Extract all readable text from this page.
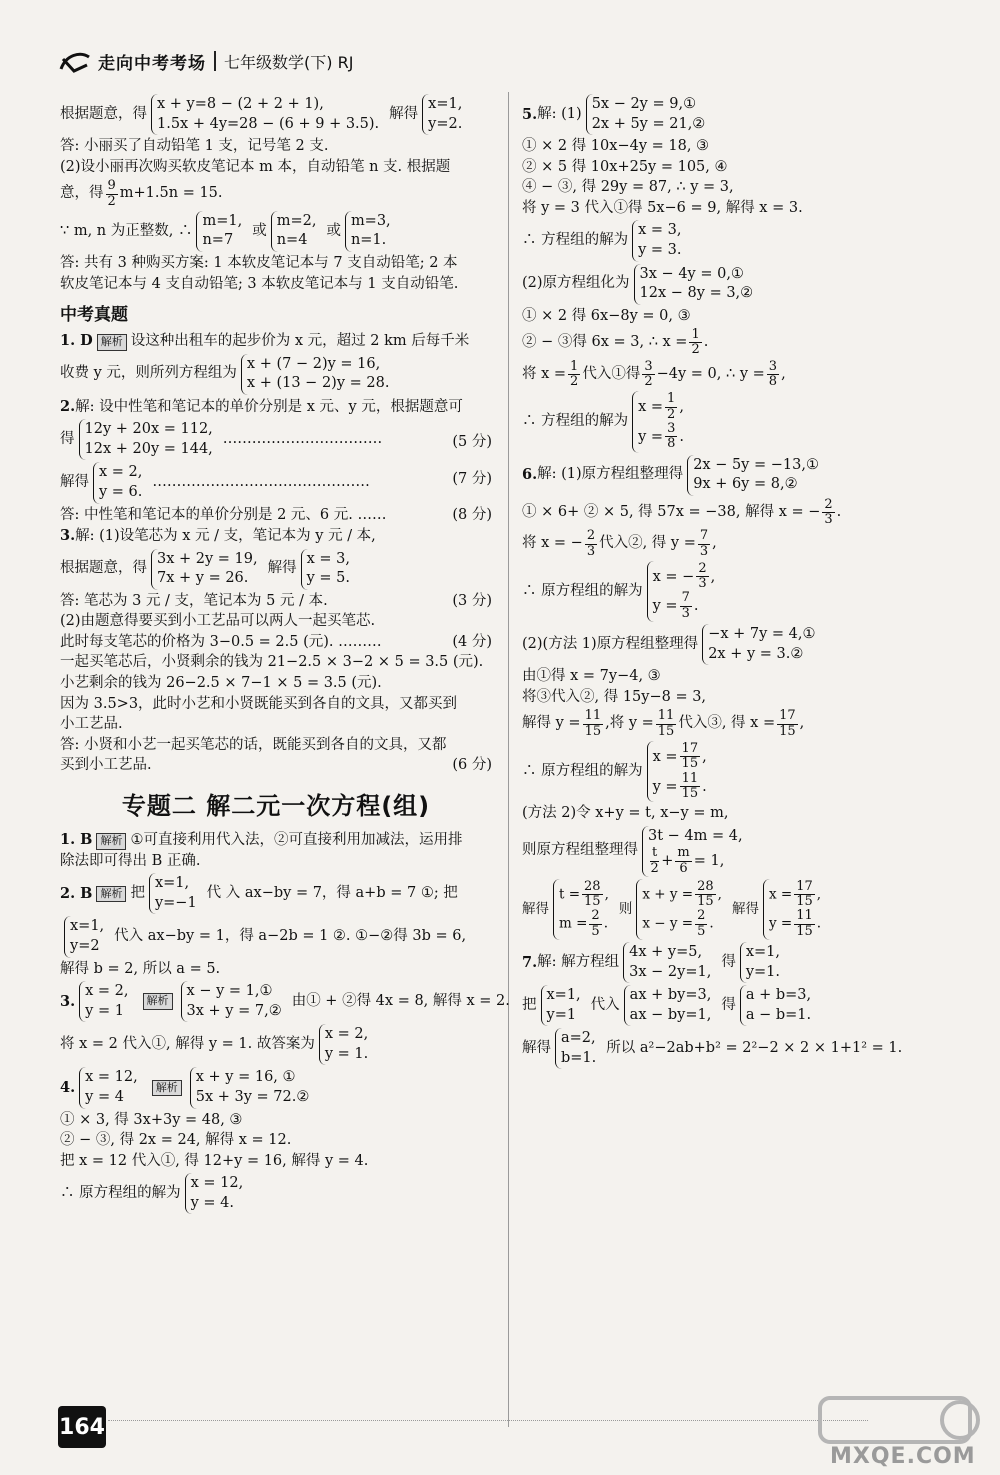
走向中考考场 七年级数学(下) RJ
根据题意，得
x + y=8 − (2 + 2 + 1),
1.5x + 4y=28 − (6 + 9 + 3.5).
解得
x=1,
y=2.
答: 小丽买了自动铅笔 1 支，记号笔 2 支.
(2)设小丽再次购买软皮笔记本 m 本，自动铅笔 n 支. 根据题
意，得 $\frac{9}{2} m+1.5n = 15$.
∵ m, n 为正整数, ∴
m=1,
n=7
或
m=2,
n=4
或
m=3,
n=1.
答: 共有 3 种购买方案: 1 本软皮笔记本与 7 支自动铅笔; 2 本
软皮笔记本与 4 支自动铅笔; 3 本软皮笔记本与 1 支自动铅笔.
中考真题
1. D 解析 设这种出租车的起步价为 x 元，超过 2 km 后每千米
收费 y 元，则所列方程组为
x + (7 − 2)y = 16,
x + (13 − 2)y = 28.
2.解: 设中性笔和笔记本的单价分别是 x 元、y 元，根据题意可
得
12y + 20x = 112,
12x + 20y = 144,
……………………………	(5 分)
解得
x = 2,
y = 6.
………………………………………	(7 分)
答: 中性笔和笔记本的单价分别是 2 元、6 元. ……	(8 分)
3.解: (1)设笔芯为 x 元 / 支，笔记本为 y 元 / 本,
根据题意，得
3x + 2y = 19,
7x + y = 26.
解得
x = 3,
y = 5.
答: 笔芯为 3 元 / 支，笔记本为 5 元 / 本.	(3 分)
(2)由题意得要买到小工艺品可以两人一起买笔芯.
此时每支笔芯的价格为 3−0.5 = 2.5 (元). ………	(4 分)
一起买笔芯后，小贤剩余的钱为 21−2.5 × 3−2 × 5 = 3.5 (元).
小艺剩余的钱为 26−2.5 × 7−1 × 5 = 3.5 (元).
因为 3.5>3，此时小艺和小贤既能买到各自的文具，又都买到
小工艺品.
答: 小贤和小艺一起买笔芯的话，既能买到各自的文具，又都
买到小工艺品.	(6 分)
专题二 解二元一次方程(组)
1. B 解析 ①可直接利用代入法，②可直接利用加减法，运用排
除法即可得出 B 正确.
2. B 解析 把
x=1,
y=−1
代 入 ax−by = 7，得 a+b = 7 ①; 把
x=1,
y=2
代入 ax−by = 1，得 a−2b = 1 ②. ①−②得 3b = 6,
解得 b = 2, 所以 a = 5.
3.
x = 2,
y = 1
解析
x − y = 1,①
3x + y = 7,②
由① + ②得 4x = 8, 解得 x = 2.
将 x = 2 代入①, 解得 y = 1. 故答案为
x = 2,
y = 1.
4.
x = 12,
y = 4
解析
x + y = 16, ①
5x + 3y = 72.②
① × 3, 得 3x+3y = 48, ③
② − ③, 得 2x = 24, 解得 x = 12.
把 x = 12 代入①, 得 12+y = 16, 解得 y = 4.
∴ 原方程组的解为
x = 12,
y = 4.
5. 解: (1)
5x − 2y = 9,①
2x + 5y = 21,②
① × 2 得 10x−4y = 18, ③
② × 5 得 10x+25y = 105, ④
④ − ③, 得 29y = 87, ∴ y = 3,
将 y = 3 代入①得 5x−6 = 9, 解得 x = 3.
∴ 方程组的解为
x = 3,
y = 3.
(2)原方程组化为
3x − 4y = 0,①
12x − 8y = 3,②
① × 2 得 6x−8y = 0, ③
② − ③得 6x = 3, ∴ $x = \frac{1}{2}$ .
将 $x = \frac{1}{2}$ 代入①得 $\frac{3}{2} -4y = 0$, ∴ $y = \frac{3}{8}$ ,
∴ 方程组的解为
$x = \frac{1}{2}$ ,
$y = \frac{3}{8}$ .
6. 解: (1)原方程组整理得
2x − 5y = −13,①
9x + 6y = 8,②
① × 6+ ② × 5, 得 57x = −38, 解得 x = − $\frac{2}{3}$ .
将 x = − $\frac{2}{3}$ 代入②, 得 $y = \frac{7}{3}$ ,
∴ 原方程组的解为
x = − $\frac{2}{3}$ ,
$y = \frac{7}{3}$ .
(2)(方法 1)原方程组整理得
−x + 7y = 4,①
2x + y = 3.②
由①得 x = 7y−4, ③
将③代入②, 得 15y−8 = 3,
解得 $y = \frac{11}{15}$ , 将 $y = \frac{11}{15}$ 代入③, 得 $x = \frac{17}{15}$ ,
∴ 原方程组的解为
$x = \frac{17}{15}$ ,
$y = \frac{11}{15}$ .
(方法 2)令 x+y = t, x−y = m,
则原方程组整理得
3t − 4m = 4,
$\frac{t}{2} + \frac{m}{6} = 1$,
解得
$t = \frac{28}{15}$ ,
$m = \frac{2}{5}$ .
则
$x + y = \frac{28}{15}$ ,
$x - y = \frac{2}{5}$ .
解得
$x = \frac{17}{15}$ ,
$y = \frac{11}{15}$ .
7. 解: 解方程组
4x + y=5,
3x − 2y=1,
得
x=1,
y=1.
把
x=1,
y=1
代入
ax + by=3,
ax − by=1,
得
a + b=3,
a − b=1.
解得
a=2,
b=1.
所以 a²−2ab+b² = 2²−2 × 2 × 1+1² = 1.
164
MXQE.COM
